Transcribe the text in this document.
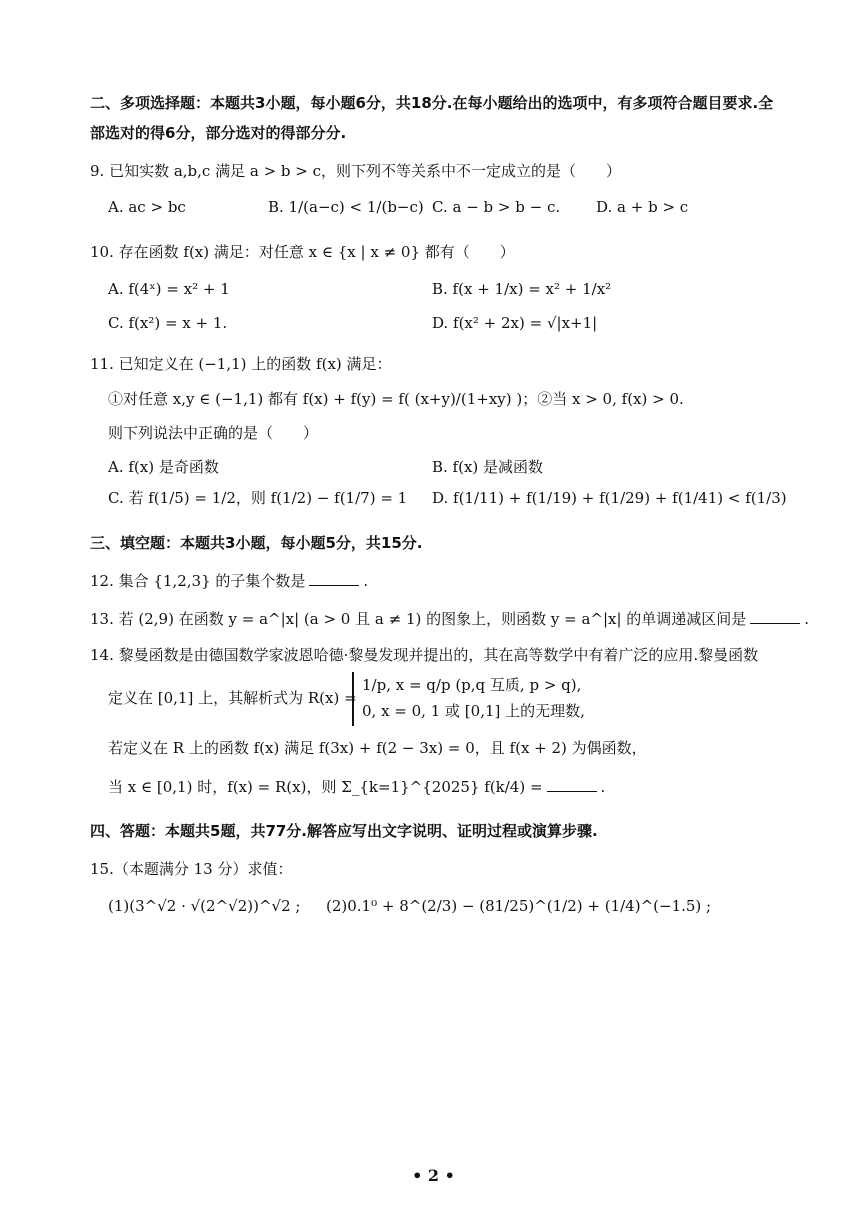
二、多项选择题：本题共3小题，每小题6分，共18分.在每小题给出的选项中，有多项符合题目要求.全
部选对的得6分，部分选对的得部分分.
9. 已知实数 a,b,c 满足 a > b > c，则下列不等关系中不一定成立的是（　　）
A. ac > bc	B. 1/(a−c) < 1/(b−c) C. a − b > b − c. D. a + b > c
10. 存在函数 f(x) 满足：对任意 x ∈ {x | x ≠ 0} 都有（　　）
A. f(4ˣ) = x² + 1	B. f(x + 1/x) = x² + 1/x²
C. f(x²) = x + 1.	D. f(x² + 2x) = √|x+1|
11. 已知定义在 (−1,1) 上的函数 f(x) 满足：
①对任意 x,y ∈ (−1,1) 都有 f(x) + f(y) = f( (x+y)/(1+xy) )；②当 x > 0, f(x) > 0.
则下列说法中正确的是（　　）
A. f(x) 是奇函数	B. f(x) 是减函数
C. 若 f(1/5) = 1/2，则 f(1/2) − f(1/7) = 1 D. f(1/11) + f(1/19) + f(1/29) + f(1/41) < f(1/3)
三、填空题：本题共3小题，每小题5分，共15分.
12. 集合 {1,2,3} 的子集个数是	.
13. 若 (2,9) 在函数 y = a^|x| (a > 0 且 a ≠ 1) 的图象上，则函数 y = a^|x| 的单调递减区间是	.
14. 黎曼函数是由德国数学家波恩哈德·黎曼发现并提出的，其在高等数学中有着广泛的应用.黎曼函数
定义在 [0,1] 上，其解析式为 R(x) =
1/p, x = q/p (p,q 互质, p > q),
0, x = 0, 1 或 [0,1] 上的无理数,
若定义在 R 上的函数 f(x) 满足 f(3x) + f(2 − 3x) = 0，且 f(x + 2) 为偶函数，
当 x ∈ [0,1) 时，f(x) = R(x)，则 Σ_{k=1}^{2025} f(k/4) =	.
四、答题：本题共5题，共77分.解答应写出文字说明、证明过程或演算步骤.
15.（本题满分 13 分）求值：
(1)(3^√2 · √(2^√2))^√2 ; (2)0.1⁰ + 8^(2/3) − (81/25)^(1/2) + (1/4)^(−1.5) ;
• 2 •
